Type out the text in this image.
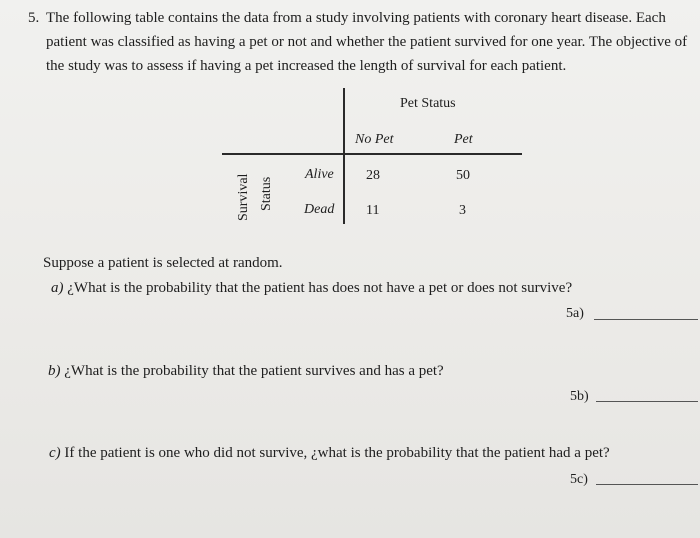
5. The following table contains the data from a study involving patients with coronary heart disease. Each patient was classified as having a pet or not and whether the patient survived for one year. The objective of the study was to assess if having a pet increased the length of survival for each patient.
Pet Status
No Pet	Pet
Survival Status
Alive 28	50
Dead 11	3
Suppose a patient is selected at random.
a) ¿What is the probability that the patient has does not have a pet or does not survive?
5a)
b) ¿What is the probability that the patient survives and has a pet?
5b)
c) If the patient is one who did not survive, ¿what is the probability that the patient had a pet?
5c)
